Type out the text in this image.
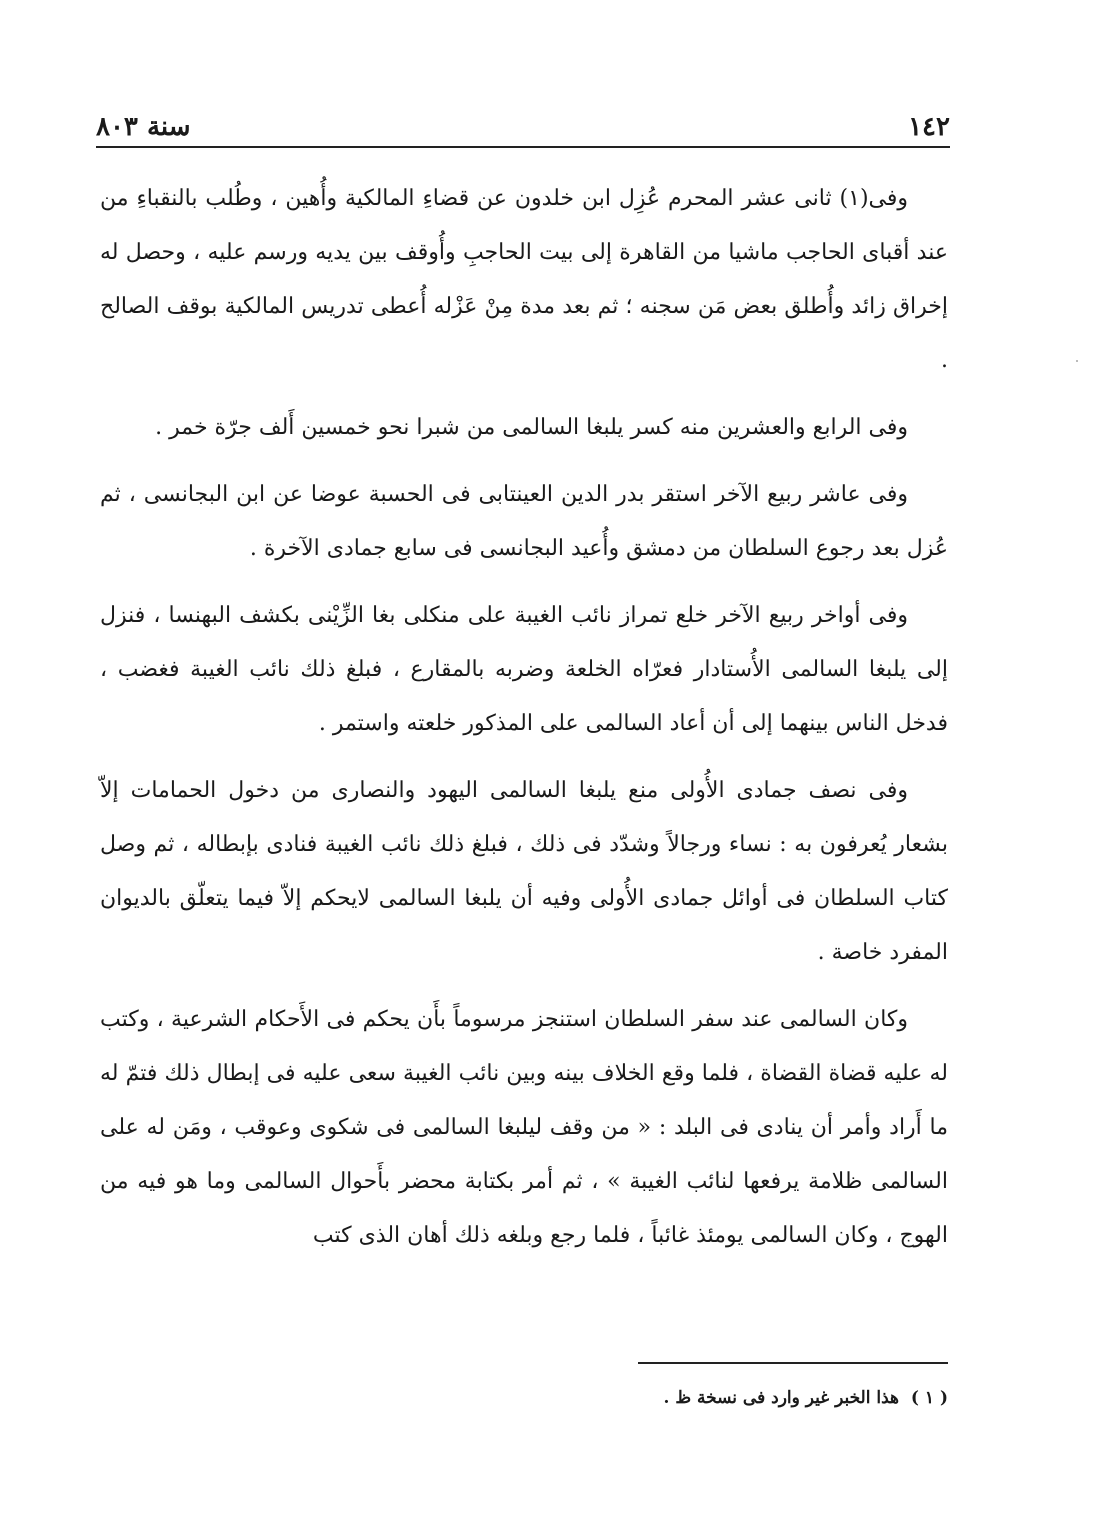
١٤٢
سنة ٨٠٣

وفى(١) ثانى عشر المحرم عُزِل ابن خلدون عن قضاءِ المالكية وأُهين ، وطُلب بالنقباءِ من عند أقباى الحاجب ماشيا من القاهرة إلى بيت الحاجبِ وأُوقف بين يديه ورسم عليه ، وحصل له إخراق زائد وأُطلق بعض مَن سجنه ؛ ثم بعد مدة مِنْ عَزْله أُعطى تدريس المالكية بوقف الصالح .

وفى الرابع والعشرين منه كسر يلبغا السالمى من شبرا نحو خمسين أَلف جرّة خمر .

وفى عاشر ربيع الآخر استقر بدر الدين العينتابى فى الحسبة عوضا عن ابن البجانسى ، ثم عُزل بعد رجوع السلطان من دمشق وأُعيد البجانسى فى سابع جمادى الآخرة .

وفى أواخر ربيع الآخر خلع تمراز نائب الغيبة على منكلى بغا الزِّيْنى بكشف البهنسا ، فنزل إلى يلبغا السالمى الأُستادار فعرّاه الخلعة وضربه بالمقارع ، فبلغ ذلك نائب الغيبة فغضب ، فدخل الناس بينهما إلى أن أعاد السالمى على المذكور خلعته واستمر .

وفى نصف جمادى الأُولى منع يلبغا السالمى اليهود والنصارى من دخول الحمامات إلاّ بشعار يُعرفون به : نساء ورجالاً وشدّد فى ذلك ، فبلغ ذلك نائب الغيبة فنادى بإبطاله ، ثم وصل كتاب السلطان فى أوائل جمادى الأُولى وفيه أن يلبغا السالمى لايحكم إلاّ فيما يتعلّق بالديوان المفرد خاصة .

وكان السالمى عند سفر السلطان استنجز مرسوماً بأَن يحكم فى الأَحكام الشرعية ، وكتب له عليه قضاة القضاة ، فلما وقع الخلاف بينه وبين نائب الغيبة سعى عليه فى إبطال ذلك فتمّ له ما أَراد وأمر أن ينادى فى البلد : « من وقف ليلبغا السالمى فى شكوى وعوقب ، ومَن له على السالمى ظلامة يرفعها لنائب الغيبة » ، ثم أمر بكتابة محضر بأَحوال السالمى وما هو فيه من الهوج ، وكان السالمى يومئذ غائباً ، فلما رجع وبلغه ذلك أهان الذى كتب

( ١ ) هذا الخبر غير وارد فى نسخة ظ .
